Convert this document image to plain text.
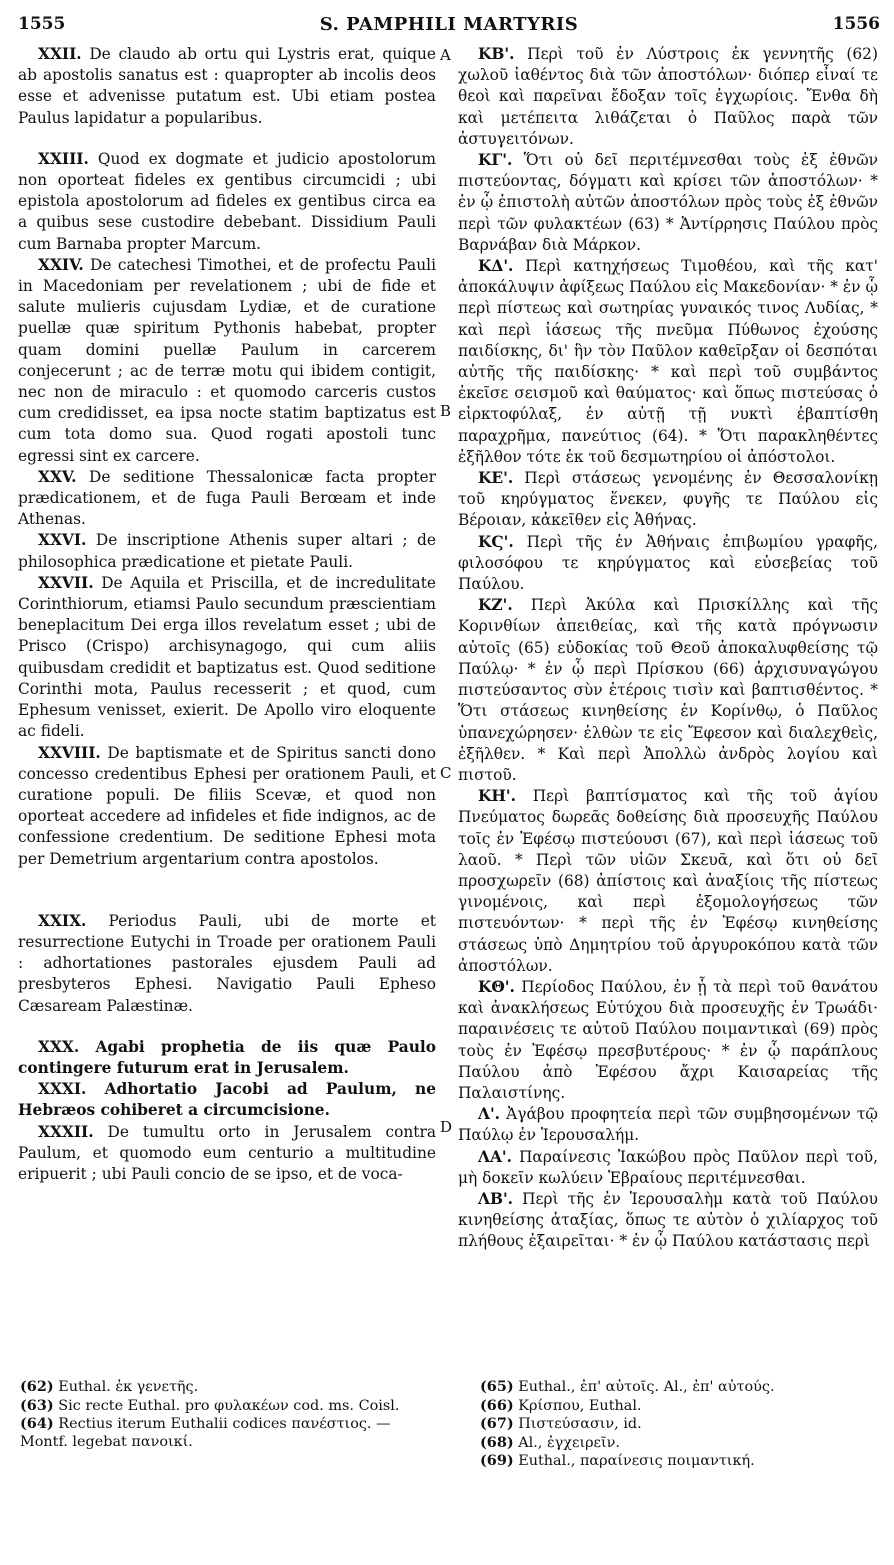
1555	S. PAMPHILI MARTYRIS	1556
A
B
C
D

XXII. De claudo ab ortu qui Lystris erat, quique ab apostolis sanatus est : quapropter ab incolis deos esse et advenisse putatum est. Ubi etiam postea Paulus lapidatur a popularibus.

XXIII. Quod ex dogmate et judicio apostolorum non oporteat fideles ex gentibus circumcidi ; ubi epistola apostolorum ad fideles ex gentibus circa ea a quibus sese custodire debebant. Dissidium Pauli cum Barnaba propter Marcum.

XXIV. De catechesi Timothei, et de profectu Pauli in Macedoniam per revelationem ; ubi de fide et salute mulieris cujusdam Lydiæ, et de curatione puellæ quæ spiritum Pythonis habebat, propter quam domini puellæ Paulum in carcerem conjecerunt ; ac de terræ motu qui ibidem contigit, nec non de miraculo : et quomodo carceris custos cum credidisset, ea ipsa nocte statim baptizatus est cum tota domo sua. Quod rogati apostoli tunc egressi sint ex carcere.

XXV. De seditione Thessalonicæ facta propter prædicationem, et de fuga Pauli Berœam et inde Athenas.

XXVI. De inscriptione Athenis super altari ; de philosophica prædicatione et pietate Pauli.

XXVII. De Aquila et Priscilla, et de incredulitate Corinthiorum, etiamsi Paulo secundum præscientiam beneplacitum Dei erga illos revelatum esset ; ubi de Prisco (Crispo) archisynagogo, qui cum aliis quibusdam credidit et baptizatus est. Quod seditione Corinthi mota, Paulus recesserit ; et quod, cum Ephesum venisset, exierit. De Apollo viro eloquente ac fideli.

XXVIII. De baptismate et de Spiritus sancti dono concesso credentibus Ephesi per orationem Pauli, et curatione populi. De filiis Scevæ, et quod non oporteat accedere ad infideles et fide indignos, ac de confessione credentium. De seditione Ephesi mota per Demetrium argentarium contra apostolos.

XXIX. Periodus Pauli, ubi de morte et resurrectione Eutychi in Troade per orationem Pauli : adhortationes pastorales ejusdem Pauli ad presbyteros Ephesi. Navigatio Pauli Epheso Cæsaream Palæstinæ.

XXX. Agabi prophetia de iis quæ Paulo contingere futurum erat in Jerusalem.

XXXI. Adhortatio Jacobi ad Paulum, ne Hebræos cohiberet a circumcisione.

XXXII. De tumultu orto in Jerusalem contra Paulum, et quomodo eum centurio a multitudine eripuerit ; ubi Pauli concio de se ipso, et de voca-

ΚΒ'. Περὶ τοῦ ἐν Λύστροις ἐκ γεννητῆς (62) χωλοῦ ἰαθέντος διὰ τῶν ἀποστόλων· διόπερ εἶναί τε θεοὶ καὶ παρεῖναι ἔδοξαν τοῖς ἐγχωρίοις. Ἔνθα δὴ καὶ μετέπειτα λιθάζεται ὁ Παῦλος παρὰ τῶν ἀστυγειτόνων.

ΚΓ'. Ὅτι οὐ δεῖ περιτέμνεσθαι τοὺς ἐξ ἐθνῶν πιστεύοντας, δόγματι καὶ κρίσει τῶν ἀποστόλων· * ἐν ᾧ ἐπιστολὴ αὐτῶν ἀποστόλων πρὸς τοὺς ἐξ ἐθνῶν περὶ τῶν φυλακτέων (63) * Ἀντίρρησις Παύλου πρὸς Βαρνάβαν διὰ Μάρκον.

ΚΔ'. Περὶ κατηχήσεως Τιμοθέου, καὶ τῆς κατ' ἀποκάλυψιν ἀφίξεως Παύλου εἰς Μακεδονίαν· * ἐν ᾧ περὶ πίστεως καὶ σωτηρίας γυναικός τινος Λυδίας, * καὶ περὶ ἰάσεως τῆς πνεῦμα Πύθωνος ἐχούσης παιδίσκης, δι' ἣν τὸν Παῦλον καθεῖρξαν οἱ δεσπόται αὐτῆς τῆς παιδίσκης· * καὶ περὶ τοῦ συμβάντος ἐκεῖσε σεισμοῦ καὶ θαύματος· καὶ ὅπως πιστεύσας ὁ εἱρκτοφύλαξ, ἐν αὐτῇ τῇ νυκτὶ ἐβαπτίσθη παραχρῆμα, πανεύτιος (64). * Ὅτι παρακληθέντες ἐξῆλθον τότε ἐκ τοῦ δεσμωτηρίου οἱ ἀπόστολοι.

ΚΕ'. Περὶ στάσεως γενομένης ἐν Θεσσαλονίκῃ τοῦ κηρύγματος ἕνεκεν, φυγῆς τε Παύλου εἰς Βέροιαν, κἀκεῖθεν εἰς Ἀθήνας.

ΚϚ'. Περὶ τῆς ἐν Ἀθήναις ἐπιβωμίου γραφῆς, φιλοσόφου τε κηρύγματος καὶ εὐσεβείας τοῦ Παύλου.

ΚΖ'. Περὶ Ἀκύλα καὶ Πρισκίλλης καὶ τῆς Κορινθίων ἀπειθείας, καὶ τῆς κατὰ πρόγνωσιν αὐτοῖς (65) εὐδοκίας τοῦ Θεοῦ ἀποκαλυφθείσης τῷ Παύλῳ· * ἐν ᾧ περὶ Πρίσκου (66) ἀρχισυναγώγου πιστεύσαντος σὺν ἑτέροις τισὶν καὶ βαπτισθέντος. * Ὅτι στάσεως κινηθείσης ἐν Κορίνθῳ, ὁ Παῦλος ὑπανεχώρησεν· ἐλθὼν τε εἰς Ἔφεσον καὶ διαλεχθεὶς, ἐξῆλθεν. * Καὶ περὶ Ἀπολλὼ ἀνδρὸς λογίου καὶ πιστοῦ.

ΚΗ'. Περὶ βαπτίσματος καὶ τῆς τοῦ ἁγίου Πνεύματος δωρεᾶς δοθείσης διὰ προσευχῆς Παύλου τοῖς ἐν Ἐφέσῳ πιστεύουσι (67), καὶ περὶ ἰάσεως τοῦ λαοῦ. * Περὶ τῶν υἱῶν Σκευᾶ, καὶ ὅτι οὐ δεῖ προσχωρεῖν (68) ἀπίστοις καὶ ἀναξίοις τῆς πίστεως γινομένοις, καὶ περὶ ἐξομολογήσεως τῶν πιστευόντων· * περὶ τῆς ἐν Ἐφέσῳ κινηθείσης στάσεως ὑπὸ Δημητρίου τοῦ ἀργυροκόπου κατὰ τῶν ἀποστόλων.

ΚΘ'. Περίοδος Παύλου, ἐν ᾗ τὰ περὶ τοῦ θανάτου καὶ ἀνακλήσεως Εὐτύχου διὰ προσευχῆς ἐν Τρωάδι· παραινέσεις τε αὐτοῦ Παύλου ποιμαντικαὶ (69) πρὸς τοὺς ἐν Ἐφέσῳ πρεσβυτέρους· * ἐν ᾧ παράπλους Παύλου ἀπὸ Ἐφέσου ἄχρι Καισαρείας τῆς Παλαιστίνης.

Λ'. Ἀγάβου προφητεία περὶ τῶν συμβησομένων τῷ Παύλῳ ἐν Ἱερουσαλήμ.

ΛΑ'. Παραίνεσις Ἰακώβου πρὸς Παῦλον περὶ τοῦ, μὴ δοκεῖν κωλύειν Ἑβραίους περιτέμνεσθαι.

ΛΒ'. Περὶ τῆς ἐν Ἱερουσαλὴμ κατὰ τοῦ Παύλου κινηθείσης ἀταξίας, ὅπως τε αὐτὸν ὁ χιλίαρχος τοῦ πλήθους ἐξαιρεῖται· * ἐν ᾧ Παύλου κατάστασις περὶ

(62) Euthal. ἐκ γενετῆς.

(63) Sic recte Euthal. pro φυλακέων cod. ms. Coisl.

(64) Rectius iterum Euthalii codices πανέστιος. — Montf. legebat πανοικί.

(65) Euthal., ἐπ' αὐτοῖς. Al., ἐπ' αὐτούς.

(66) Κρίσπου, Euthal.

(67) Πιστεύσασιν, id.

(68) Al., ἐγχειρεῖν.

(69) Euthal., παραίνεσις ποιμαντική.
